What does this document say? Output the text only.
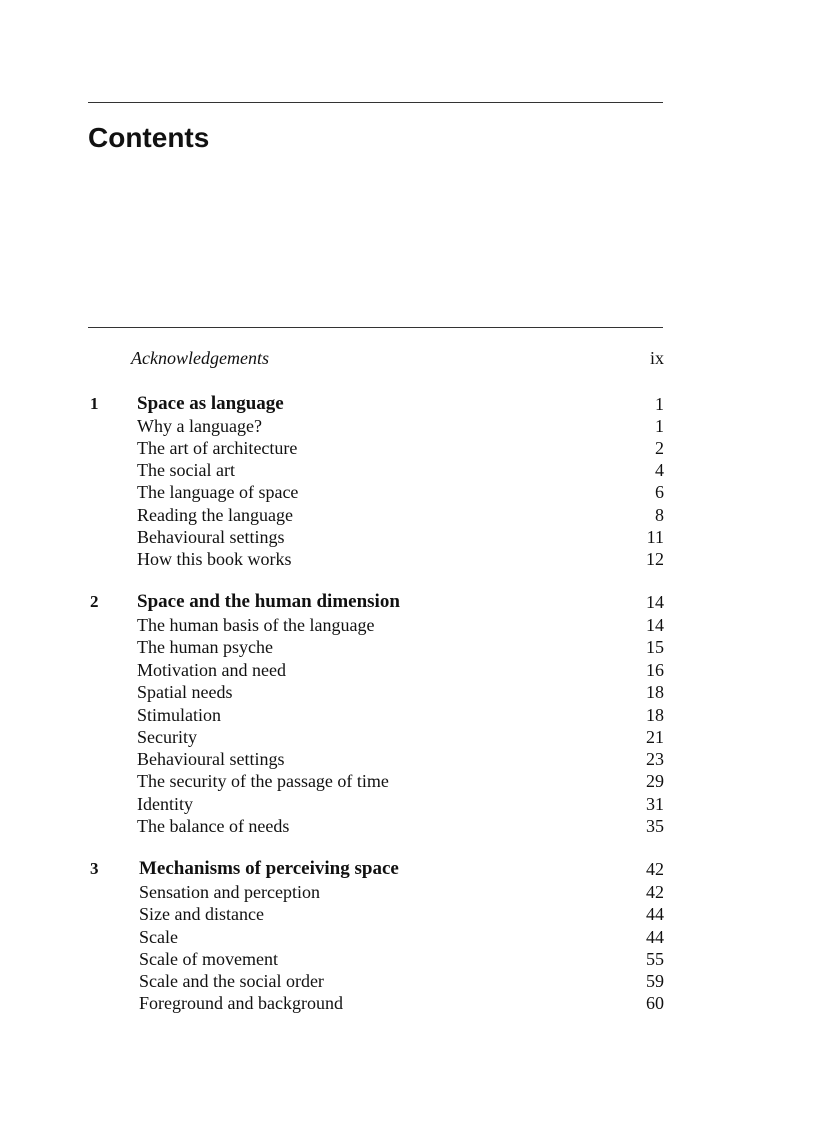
Contents
Acknowledgements	ix
1 Space as language	1
Why a language?	1
The art of architecture	2
The social art	4
The language of space	6
Reading the language	8
Behavioural settings	11
How this book works	12
2 Space and the human dimension	14
The human basis of the language	14
The human psyche	15
Motivation and need	16
Spatial needs	18
Stimulation	18
Security	21
Behavioural settings	23
The security of the passage of time	29
Identity	31
The balance of needs	35
3 Mechanisms of perceiving space	42
Sensation and perception	42
Size and distance	44
Scale	44
Scale of movement	55
Scale and the social order	59
Foreground and background	60
